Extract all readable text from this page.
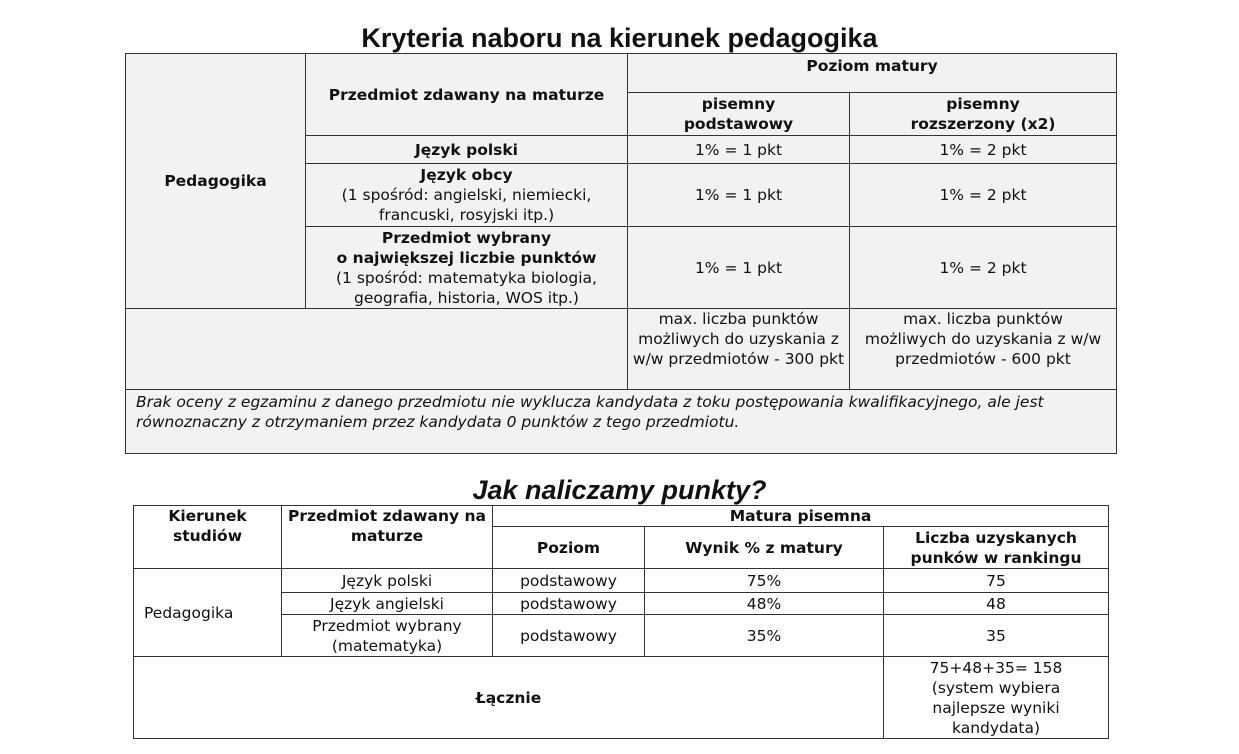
Kryteria naboru na kierunek pedagogika
Pedagogika	Przedmiot zdawany na maturze	Poziom matury	
		pisemny
podstawowy	pisemny
rozszerzony (x2)
	Język polski	1% = 1 pkt	1% = 2 pkt
	Język obcy
(1 spośród: angielski, niemiecki,
francuski, rosyjski itp.)	1% = 1 pkt	1% = 2 pkt
	Przedmiot wybrany
o największej liczbie punktów
(1 spośród: matematyka biologia,
geografia, historia, WOS itp.)	1% = 1 pkt	1% = 2 pkt
		max. liczba punktów możliwych do uzyskania z w/w przedmiotów - 300 pkt	max. liczba punktów możliwych do uzyskania z w/w przedmiotów - 600 pkt
Brak oceny z egzaminu z danego przedmiotu nie wyklucza kandydata z toku postępowania kwalifikacyjnego, ale jest równoznaczny z otrzymaniem przez kandydata 0 punktów z tego przedmiotu.			
Jak naliczamy punkty?
Kierunek studiów	Przedmiot zdawany na maturze	Matura pisemna		
		Poziom	Wynik % z matury	Liczba uzyskanych punków w rankingu
Pedagogika	Język polski	podstawowy	75%	75
	Język angielski	podstawowy	48%	48
	Przedmiot wybrany (matematyka)	podstawowy	35%	35
Łącznie				75+48+35= 158 (system wybiera najlepsze wyniki kandydata)
